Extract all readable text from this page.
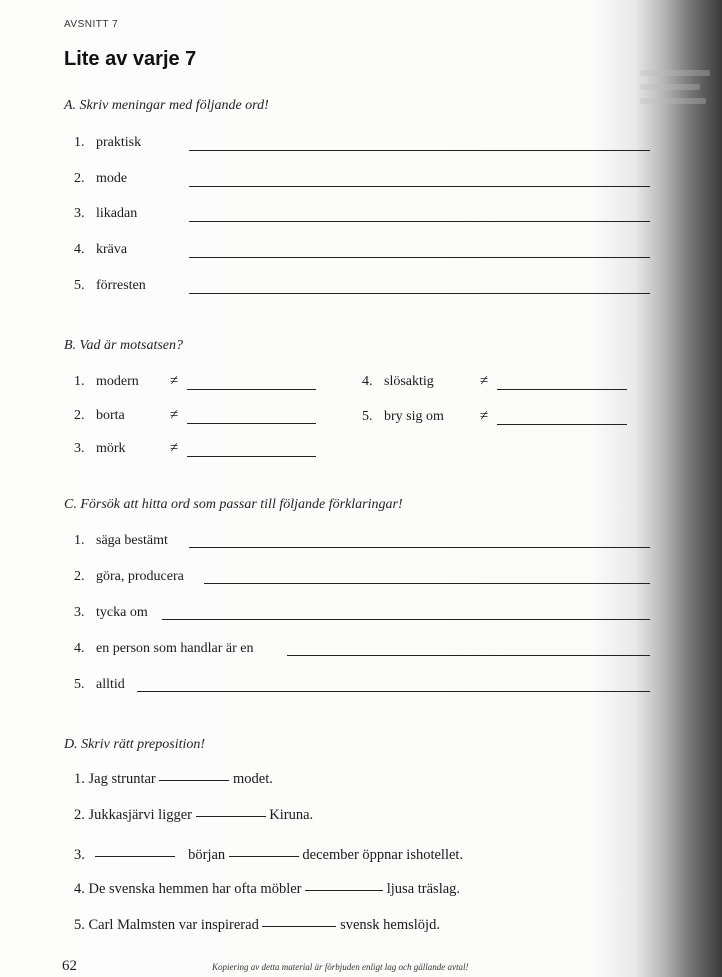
AVSNITT 7
Lite av varje 7
A. Skriv meningar med följande ord!
1. praktisk
2. mode
3. likadan
4. kräva
5. förresten
B. Vad är motsatsen?
1. modern ≠
2. borta	≠
3. mörk	≠
4. slösaktig	≠
5. bry sig om ≠
C. Försök att hitta ord som passar till följande förklaringar!
1. säga bestämt
2. göra, producera
3. tycka om
4. en person som handlar är en
5. alltid
D. Skriv rätt preposition!
1. Jag struntar	modet.
2. Jukkasjärvi ligger	Kiruna.
3.	början	december öppnar ishotellet.
4. De svenska hemmen har ofta möbler	ljusa träslag.
5. Carl Malmsten var inspirerad	svensk hemslöjd.
62	Kopiering av detta material är förbjuden enligt lag och gällande avtal!
